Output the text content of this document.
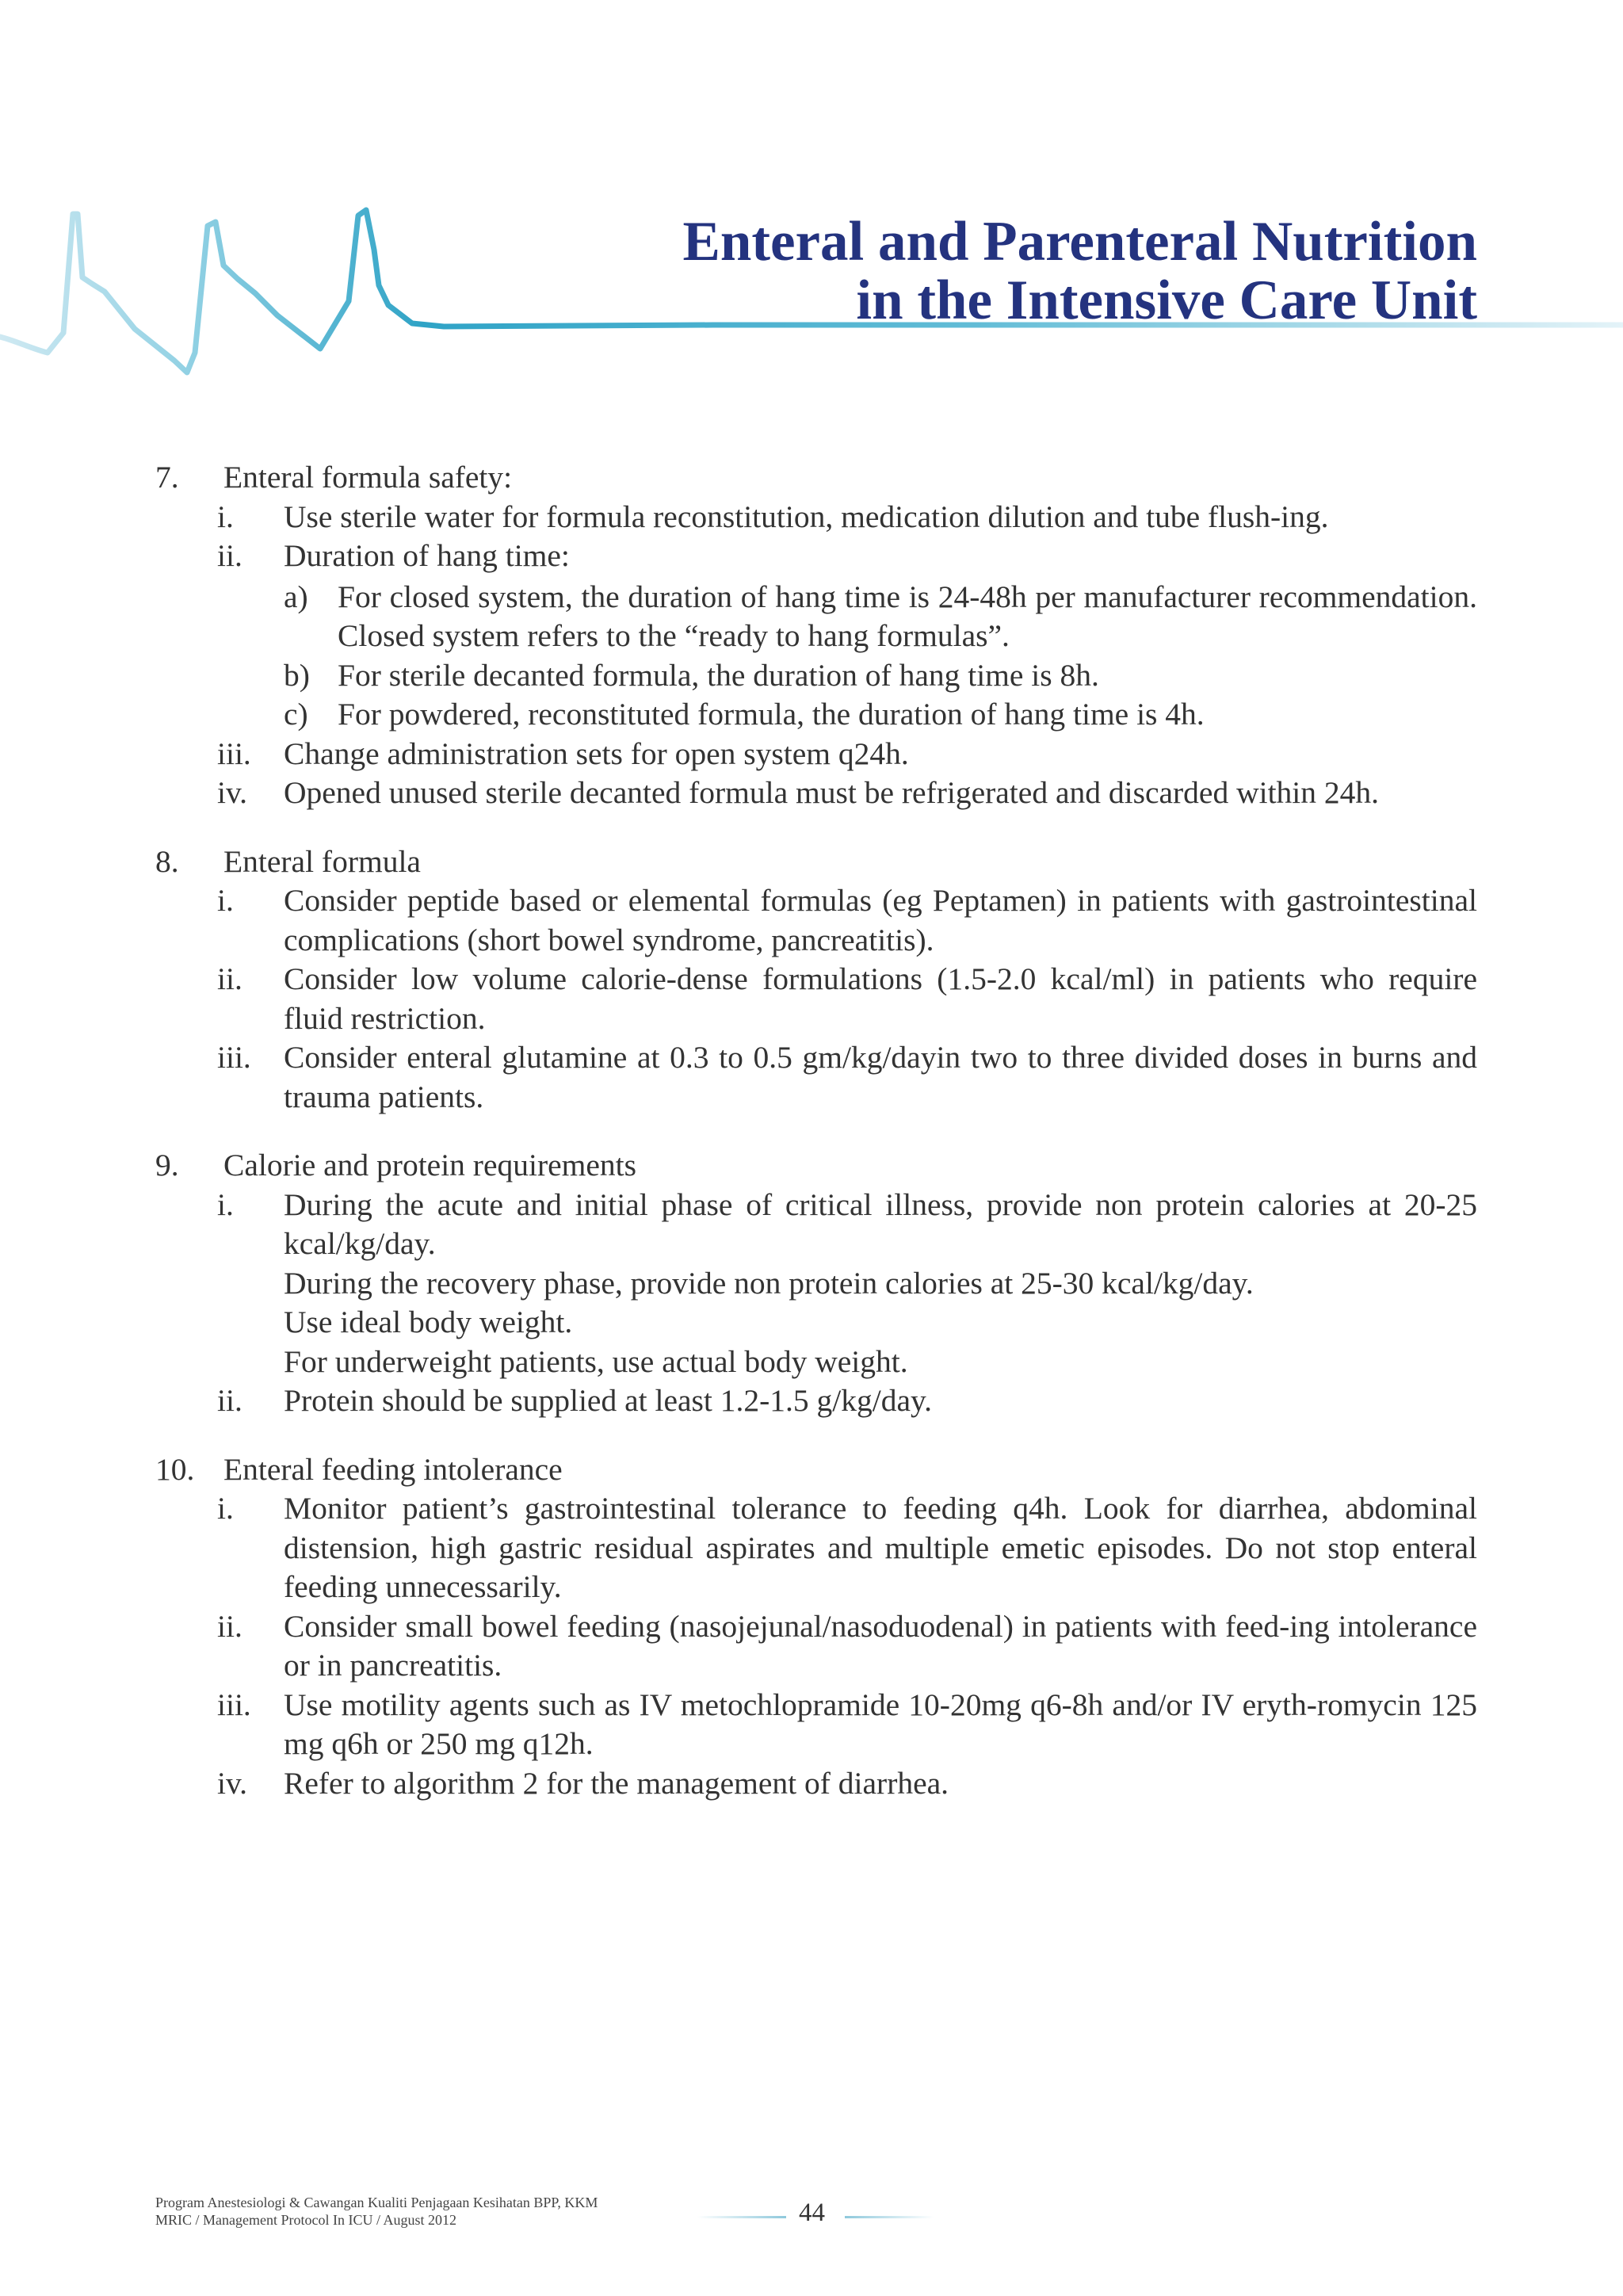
Enteral and Parenteral Nutrition
in the Intensive Care Unit
7.	Enteral formula safety:
i.	Use sterile water for formula reconstitution, medication dilution and tube flush-ing.
ii.	Duration of hang time:
a) For closed system, the duration of hang time is 24-48h per manufacturer recommendation. Closed system refers to the “ready to hang formulas”.
b) For sterile decanted formula, the duration of hang time is 8h.
c) For powdered, reconstituted formula, the duration of hang time is 4h.
iii.	Change administration sets for open system q24h.
iv.	Opened unused sterile decanted formula must be refrigerated and discarded within 24h.
8.	Enteral formula
i.	Consider peptide based or elemental formulas (eg Peptamen) in patients with gastrointestinal complications (short bowel syndrome, pancreatitis).
ii.	Consider low volume calorie-dense formulations (1.5-2.0 kcal/ml) in patients who require fluid restriction.
iii.	Consider enteral glutamine at 0.3 to 0.5 gm/kg/dayin two to three divided doses in burns and trauma patients.
9.	Calorie and protein requirements
i.	During the acute and initial phase of critical illness, provide non protein calories at 20-25 kcal/kg/day.
During the recovery phase, provide non protein calories at 25-30 kcal/kg/day.
Use ideal body weight.
For underweight patients, use actual body weight.
ii.	Protein should be supplied at least 1.2-1.5 g/kg/day.
10. Enteral feeding intolerance
i.	Monitor patient’s gastrointestinal tolerance to feeding q4h. Look for diarrhea, abdominal distension, high gastric residual aspirates and multiple emetic episodes. Do not stop enteral feeding unnecessarily.
ii.	Consider small bowel feeding (nasojejunal/nasoduodenal) in patients with feed-ing intolerance or in pancreatitis.
iii.	Use motility agents such as IV metochlopramide 10-20mg q6-8h and/or IV eryth-romycin 125 mg q6h or 250 mg q12h.
iv.	Refer to algorithm 2 for the management of diarrhea.
Program Anestesiologi & Cawangan Kualiti Penjagaan Kesihatan BPP, KKM
MRIC / Management Protocol In ICU / August 2012	44
